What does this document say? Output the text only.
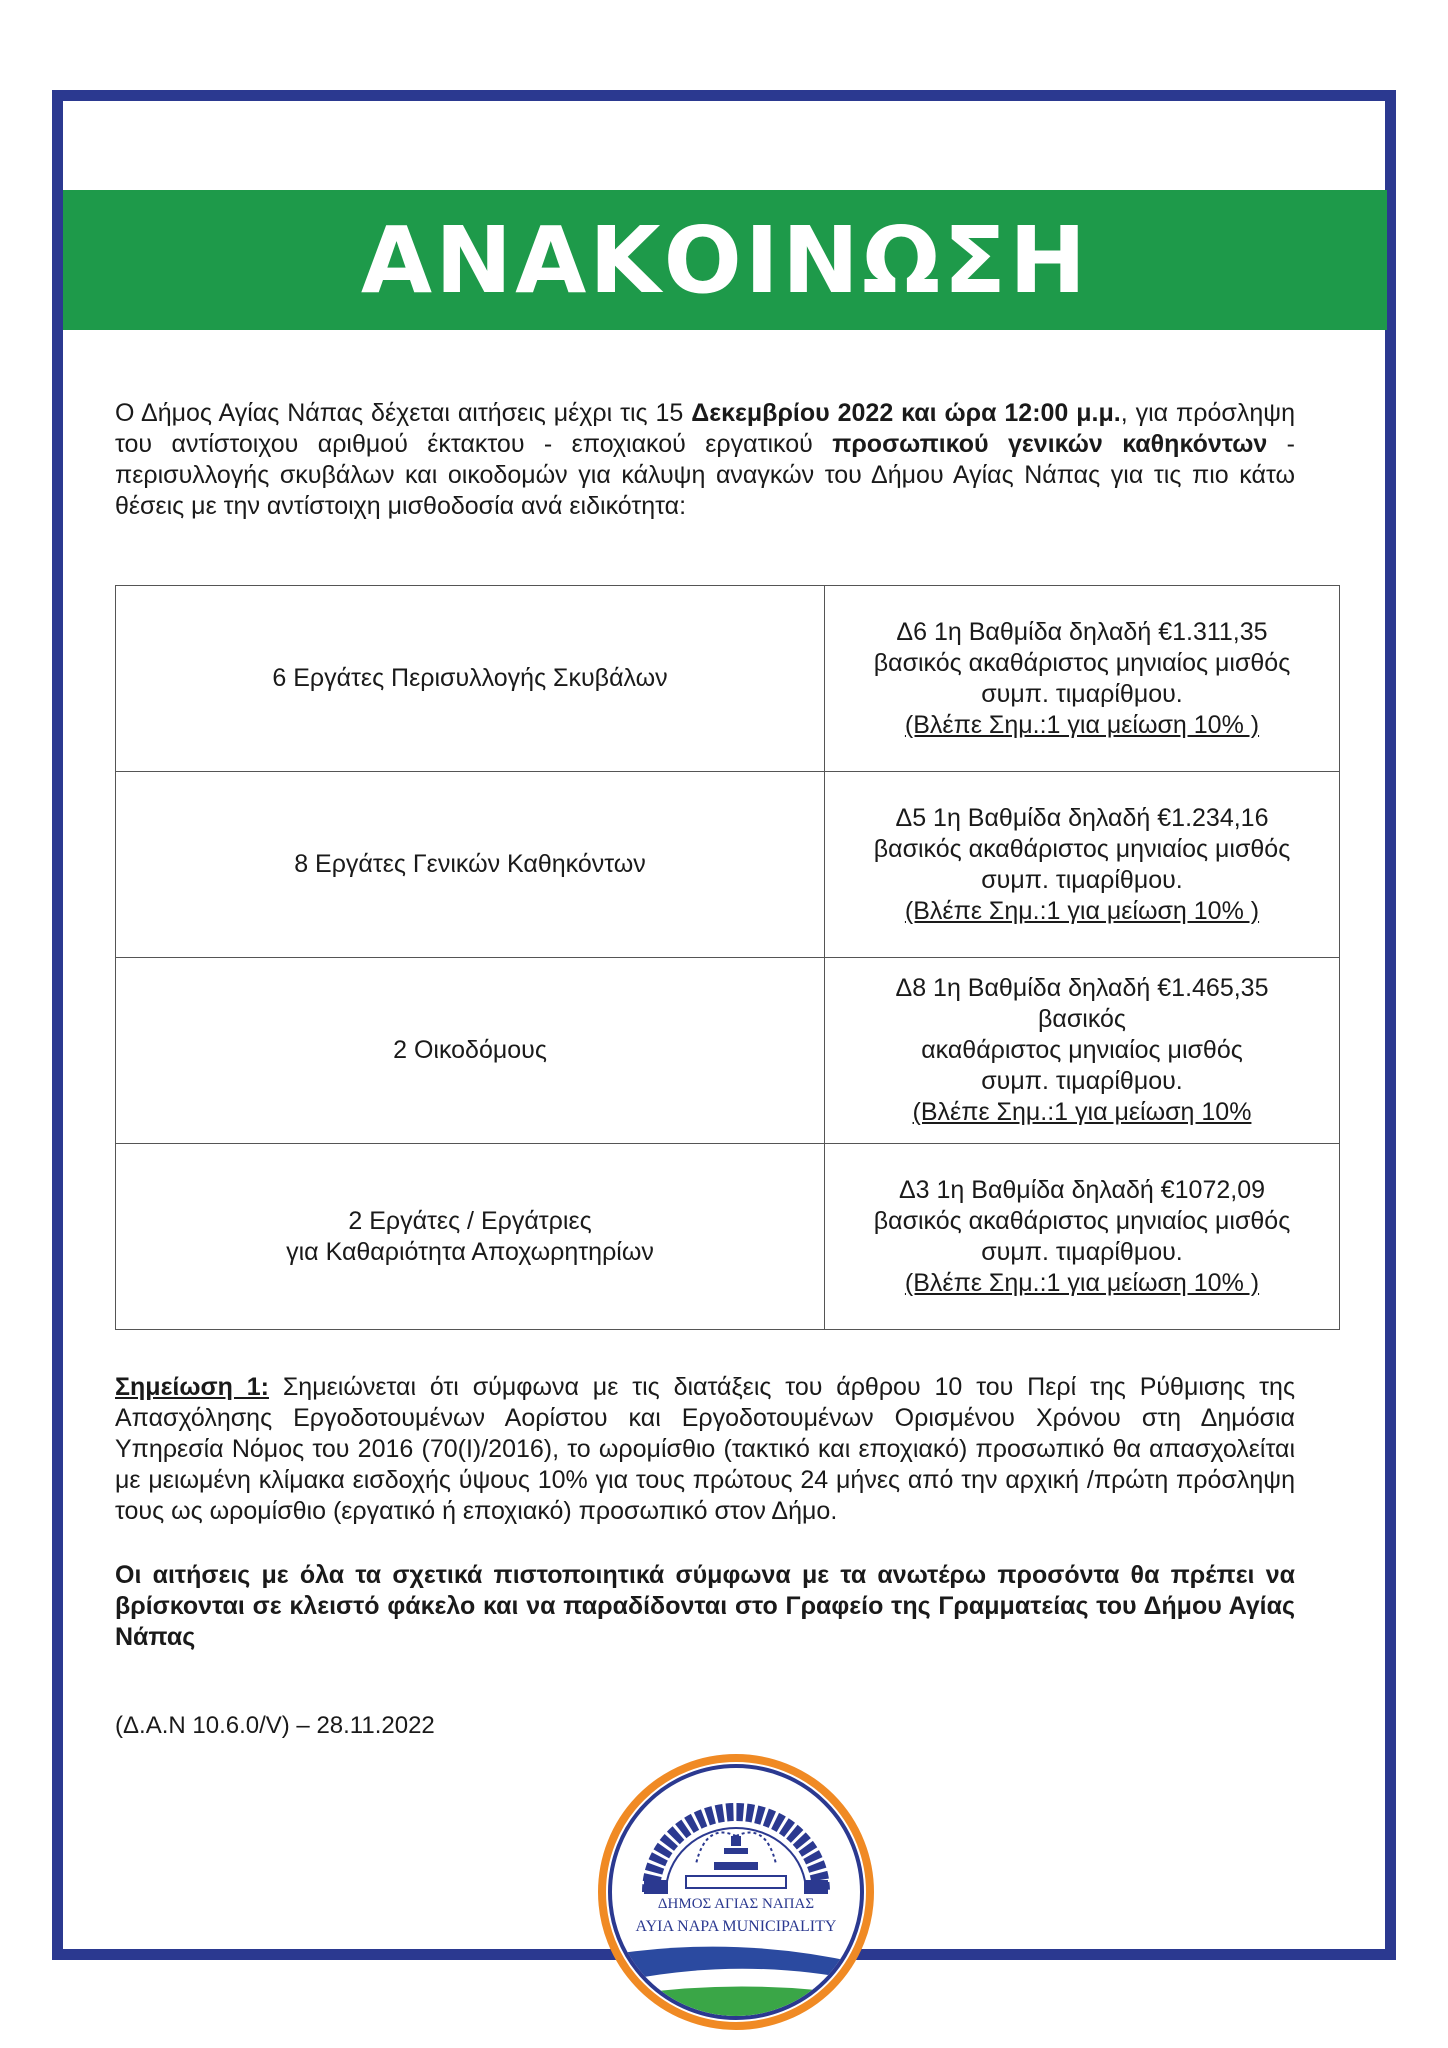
ΑΝΑΚΟΙΝΩΣΗ
Ο Δήμος Αγίας Νάπας δέχεται αιτήσεις μέχρι τις 15 Δεκεμβρίου 2022 και ώρα 12:00 μ.μ., για πρόσληψη του αντίστοιχου αριθμού έκτακτου - εποχιακού εργατικού προσωπικού γενικών καθηκόντων - περισυλλογής σκυβάλων και οικοδομών για κάλυψη αναγκών του Δήμου Αγίας Νάπας για τις πιο κάτω θέσεις με την αντίστοιχη μισθοδοσία ανά ειδικότητα:
6 Εργάτες Περισυλλογής Σκυβάλων	Δ6 1η Βαθμίδα δηλαδή €1.311,35
βασικός ακαθάριστος μηνιαίος μισθός
συμπ. τιμαρίθμου.
(Βλέπε Σημ.:1 για μείωση 10% )

8 Εργάτες Γενικών Καθηκόντων	Δ5 1η Βαθμίδα δηλαδή €1.234,16
βασικός ακαθάριστος μηνιαίος μισθός
συμπ. τιμαρίθμου.
(Βλέπε Σημ.:1 για μείωση 10% )

2 Οικοδόμους	Δ8 1η Βαθμίδα δηλαδή €1.465,35
βασικός
ακαθάριστος μηνιαίος μισθός
συμπ. τιμαρίθμου.
(Βλέπε Σημ.:1 για μείωση 10%

2 Εργάτες / Εργάτριες
για Καθαριότητα Αποχωρητηρίων	Δ3 1η Βαθμίδα δηλαδή €1072,09
βασικός ακαθάριστος μηνιαίος μισθός
συμπ. τιμαρίθμου.
(Βλέπε Σημ.:1 για μείωση 10% )
Σημείωση 1: Σημειώνεται ότι σύμφωνα με τις διατάξεις του άρθρου 10 του Περί της Ρύθμισης της Απασχόλησης Εργοδοτουμένων Αορίστου και Εργοδοτουμένων Ορισμένου Χρόνου στη Δημόσια Υπηρεσία Νόμος του 2016 (70(I)/2016), το ωρομίσθιο (τακτικό και εποχιακό) προσωπικό θα απασχολείται με μειωμένη κλίμακα εισδοχής ύψους 10% για τους πρώτους 24 μήνες από την αρχική /πρώτη πρόσληψη τους ως ωρομίσθιο (εργατικό ή εποχιακό) προσωπικό στον Δήμο.
Οι αιτήσεις με όλα τα σχετικά πιστοποιητικά σύμφωνα με τα ανωτέρω προσόντα θα πρέπει να βρίσκονται σε κλειστό φάκελο και να παραδίδονται στο Γραφείο της Γραμματείας του Δήμου Αγίας Νάπας
(Δ.Α.Ν 10.6.0/V) – 28.11.2022
ΔΗΜΟΣ ΑΓΙΑΣ ΝΑΠΑΣ
AYIA NAPA MUNICIPALITY
